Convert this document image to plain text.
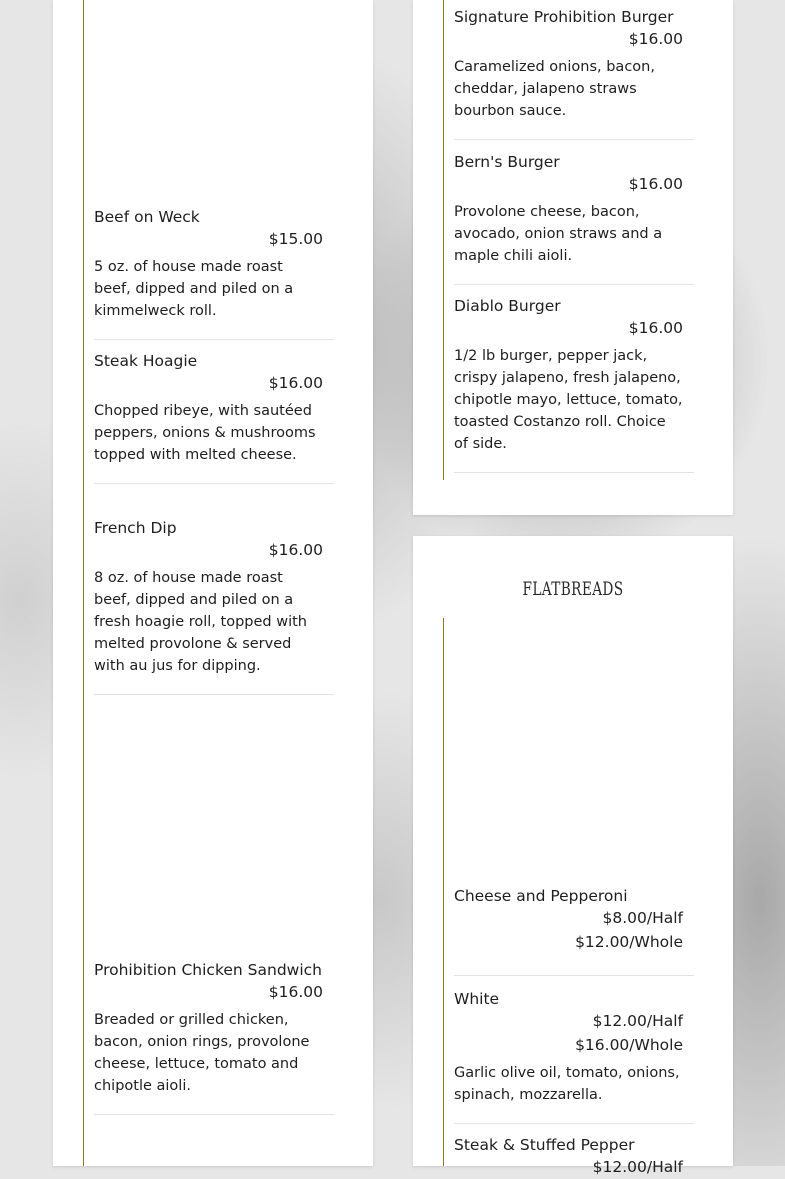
Beef on Weck
$15.00
5 oz. of house made roast beef, dipped and piled on a kimmelweck roll.
Steak Hoagie
$16.00
Chopped ribeye, with sautéed peppers, onions & mushrooms topped with melted cheese.
French Dip
$16.00
8 oz. of house made roast beef, dipped and piled on a fresh hoagie roll, topped with melted provolone & served with au jus for dipping.
Prohibition Chicken Sandwich
$16.00
Breaded or grilled chicken, bacon, onion rings, provolone cheese, lettuce, tomato and chipotle aioli.
Signature Prohibition Burger
$16.00
Caramelized onions, bacon, cheddar, jalapeno straws bourbon sauce.
Bern's Burger
$16.00
Provolone cheese, bacon, avocado, onion straws and a maple chili aioli.
Diablo Burger
$16.00
1/2 lb burger, pepper jack, crispy jalapeno, fresh jalapeno, chipotle mayo, lettuce, tomato, toasted Costanzo roll. Choice of side.
FLATBREADS
Cheese and Pepperoni
$8.00/Half
$12.00/Whole
White
$12.00/Half
$16.00/Whole
Garlic olive oil, tomato, onions, spinach, mozzarella.
Steak & Stuffed Pepper
$12.00/Half
